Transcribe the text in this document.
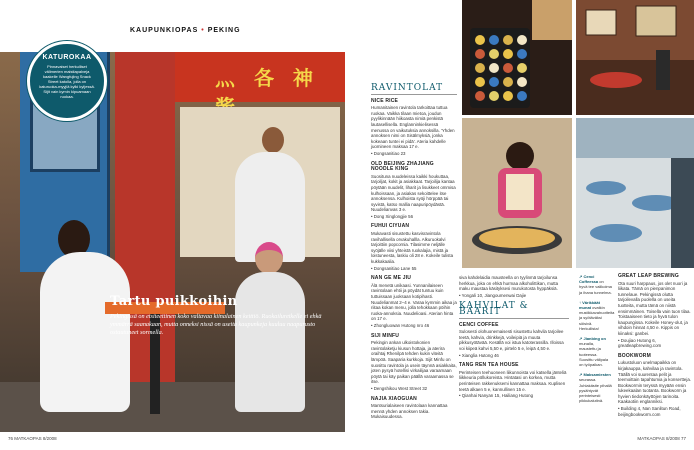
KAUPUNKIOPAS • PEKING
灬 各 神
KATUROKAA
Pinnavaiset herkulliset välimerien maistiapalveja kaakelle Wangfujing Snack Street katolla, jolla on katuruoka-myyjiä kylki kyljessä. Sijit vain kymin kipuamaan ruokaa.
Tartu puikkoihin

Pekingissä on etsiteettinen koko valtavaa kiinalainen keittiö. Ruokailuretkelle ei ehkä ymmärrä saanakaan, mutta onneksi nissä on useita kaupunkeja kuuluu naapurusto ostautuneet sormella.

RAVINTOLAT
NICE RICE

Humanitainen ravintola tarkoittaa tuttua ruokaa. Vaikka tilaan mietoa, joudun pyylikinnään hiikoasta nimiä penkistä lautasellisella. Englanninkielisessä menussa on vaikutuksia annoksilla. 'Yhden annoksen nimi on Sisälmyksiä, jonka kokeaan tuntei ei pidä'. Ateria kahdelle juomineen maksaa 17 e.

• Dongsanitiao 23

OLD BEIJING ZHAJIANG NOODLE KING

Suosituna nuudeleissa kaikki houkuttaa, tarjoiljat, kokit ja asiakkaat. Tarjoilija kantaa pöytään nuudelit, liharit ja lisukkeet ommisa kulhoissaan, ja asiakas sekoittelee itse annoksensa. Kulhoista syöji hörppää tai syvistä, katso mallia naapuripöydästä. Nuudelianvas 3 e.

• Dong Xinglongjie 56

FUHUI CIYUAN

Mukavasti sisustettu kasvisravintola ravihallisella orvakuhallla. Alkuruokalvi tarjoittiin popcornia. Tilasimme neljälle syöjälle viisi yhteistä ruokalajia, mistä ja loistuneesta, laskiu oli 28 e. Kokeile tulista kukkakaalia.

• Dongsanitiao Lane 55

NAN GE ME JIU

Älä menetä unikaasi. Yunnanilaiseen ravintolaan ehtii ja pöydät tuntuu kuin tuttuissaan juoksaan kotipihasti. Nuudelianmat 2–4 e. Varaa kymmin aikaa ja riitaa kokan menu, jolla tehokkaan pöihin ruoka-annoksia. Nuudelioasi. Aterian hinta on 17 e.

• Zhongluowan Hutong nro 46

SIJI MINFU

Pekingin ankan ulkoistokonien ravintolaketju kiusun hottaja, ja aterira oraihtaj Rhenilpä tehden kukin viteitä lämpöä. Saaparia kurkkoja. Sijit Minfu on suosittu ravintola ja usein täynnä asiakkaita, joten pysyä hotellisi virkailijaa varaamaan pöytä tai käy paikan päällä varaamassa se itse.

• Dengshikou West Street 32

NAJIA XIAOGUAN

Mantsurialaiseen ravintolaan kannattaa mennä yhden annoksen takia. Mukaisuudessa.

siva kahdelaidia mausteella on tyylinmä tarjoilunsa herkkua, joka on ehkä hurmaa alkoholittikan, mutta maku maustaa käsityksesi murukotosta hyppäksiä.

• Yongali 10, Jiangoumenwai Dajie

KAHVILAT & BAARIT
CENCI COFFEE

Sulosesti olohuonemaisesti sisustettu kahvila tarjoilee teetä, kahvia, drinkkejä, voileipiä ja muuta pikkusyötävää. Kesällä voi istua katoterassilla. Illoissa voi kiipeä kahvi 5,50 e, pirtelö 5 e, leipä 4,50 e.

• Xianglia Hutong 46

TANG REN TEA HOUSE

Perinteisen teehuoneen liikunnoista voi katsella jänteliä liikkeuria pöllukoreista. Hintatasi on korkea, mutta perinteisen rakkenuksemi kannattaa maksaa. Kuplisen teetä alkaen 5 e, kannullinen 15 e.

• Qianhai Nanyan 15, Hailiang Hutong

↗ Cenci Coffeessa on hyvä tee valikoima ja ihana tunnelma.
↑ Värikkäät munat ovatkin mustikkavahuotteita ja syötäväksi söisivä. Herkullista!
↗ Jianbing on munalla, maustettu ja tuoteessa. Suosittu välipala on työpaikan.
↗ Maksamiesten seurassa. Juhlakäsite pihallä pysähtyvät perinteisesti pikkukalutinä.
GREAT LEAP BREWING

Ota suuri harppaus, jos olet nuori ja liikata. Tämä on pienpanimon tunnelaue. Pekingissä olutta tarjoilevalla puolella on useita tuotteita, mutta tämä on niistä ensimmäinen. Toisella vain tuon tilaa. Toistaaiseen tieto ja hyvä tulon kaupungissa. Kokeile Honey-olut, ja vihdoin hinnat 4,50 e. Kippis on kiinaksi: ganbei.

• Doujiao Hutong 6, greatleapbrewing.com

BOOKWORM

Lukustoluon unelmapaikka on kirjakauppa, kahvilaa ja ravintola. Täällä voi suurentaa pelit ja teemoittain tapahtumia ja konsertteja. Bookwormin teryssä myyään ensin lukeekaalan tuotanta. Bookworm ja hyvien tiedonkäyttöjen tarinoita. Kaakaotiin englanniksi.

• Building 4, Nan Sanlitun Road, beijingbookworm.com

76 MATKAOPAS 8/2008	MATKAOPAS 8/2008 77
